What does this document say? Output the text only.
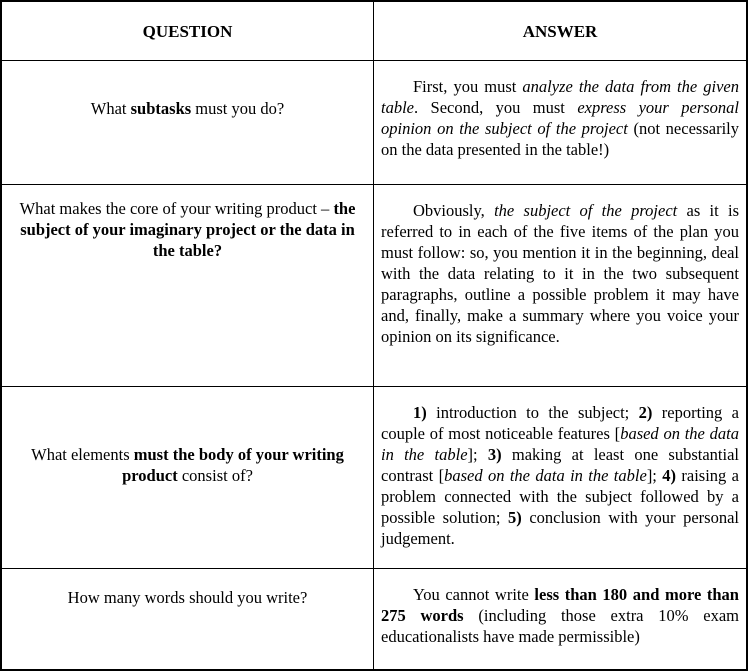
QUESTION	ANSWER

What subtasks must you do?

First, you must analyze the data from the given table. Second, you must express your personal opinion on the subject of the project (not necessarily on the data presented in the table!)

What makes the core of your writing product – the subject of your imaginary project or the data in the table?

Obviously, the subject of the project as it is referred to in each of the five items of the plan you must follow: so, you mention it in the beginning, deal with the data relating to it in the two subsequent paragraphs, outline a possible problem it may have and, finally, make a summary where you voice your opinion on its significance.

What elements must the body of your writing product consist of?

1) introduction to the subject; 2) reporting a couple of most noticeable features [based on the data in the table]; 3) making at least one substantial contrast [based on the data in the table]; 4) raising a problem connected with the subject followed by a possible solution; 5) conclusion with your personal judgement.

How many words should you write?	You cannot write less than 180 and more than 275 words (including those extra 10% exam educationalists have made permissible)
